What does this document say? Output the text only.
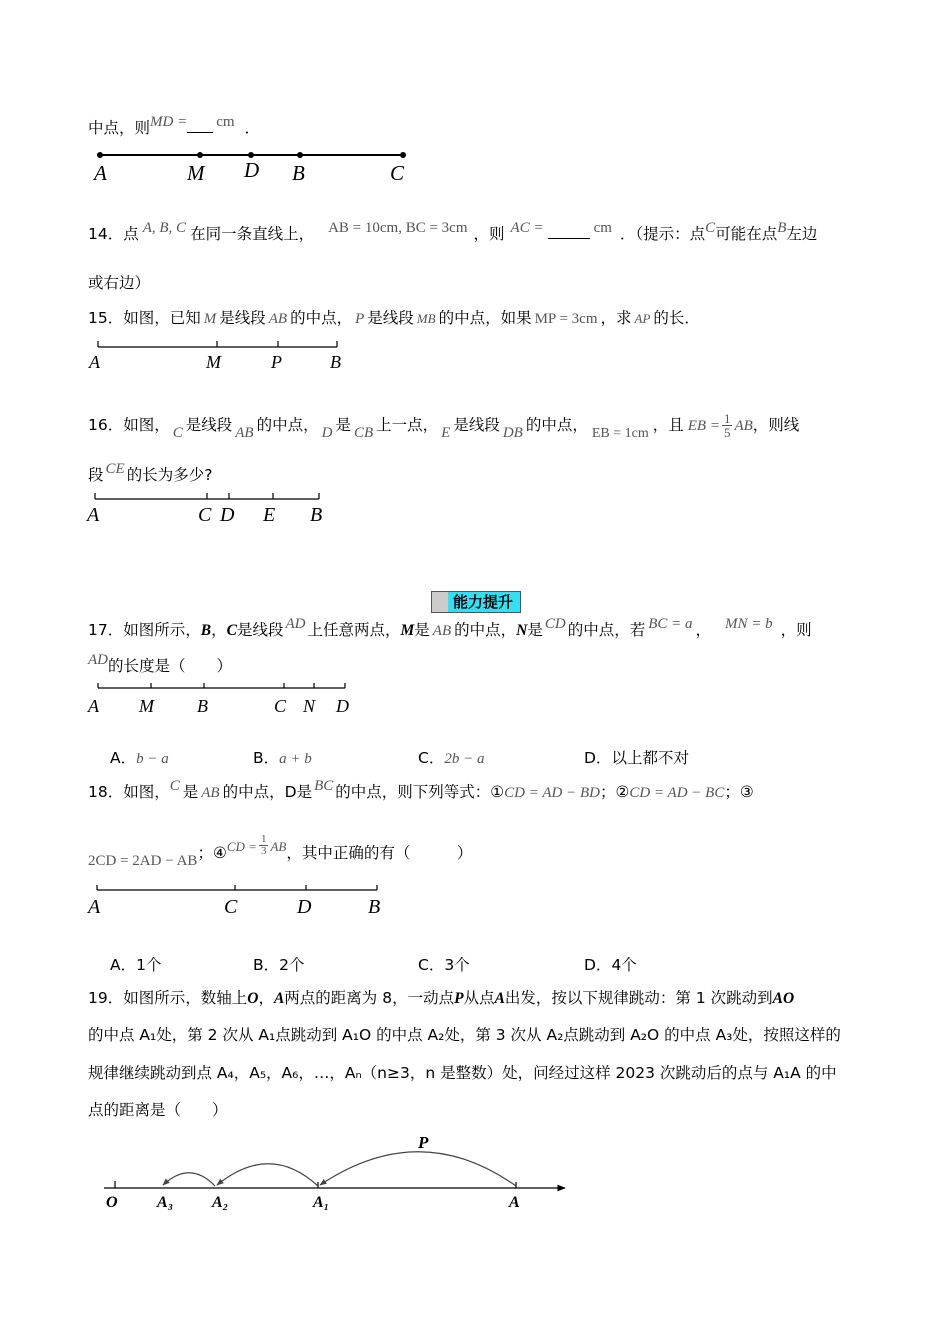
中点，则MD = cm ．
A	M D B	C
A	M	P	B
A	C D E B
A M B	C N D
A	C	D	B
P
O A₃ A₂	A₁	A
14．点 A, B, C 在同一条直线上， AB = 10cm, BC = 3cm ，则 AC =	cm ．（提示：点C可能在点B左边
或右边）
15．如图，已知 M 是线段 AB 的中点， P 是线段 MB 的中点，如果 MP = 3cm ，求 AP 的长．
16．如图， C 是线段 AB 的中点， D 是 CB 上一点， E 是线段 DB 的中点， EB = 1cm ，且 EB = $\frac{1}{5}$ AB，则线
段 CE 的长为多少?
能力提升
17．如图所示，B，C是线段 AD 上任意两点，M是 AB 的中点，N是 CD 的中点，若 BC = a ， MN = b ，则
AD的长度是（　　）
A．b − a	B．a + b	C．2b − a	D．以上都不对
18．如图，C 是 AB 的中点，D是 BC 的中点，则下列等式：①CD = AD − BD；②CD = AD − BC；③
2CD = 2AD − AB；④$^{CD =}$ $\frac{1}{3} ^{AB}$，其中正确的有（　　　）
A．1个	B．2个	C．3个	D．4个
19．如图所示，数轴上O，A两点的距离为 8，一动点P从点A出发，按以下规律跳动：第 1 次跳动到AO
的中点 A₁处，第 2 次从 A₁点跳动到 A₁O 的中点 A₂处，第 3 次从 A₂点跳动到 A₂O 的中点 A₃处，按照这样的
规律继续跳动到点 A₄，A₅，A₆，…，Aₙ（n≥3，n 是整数）处，问经过这样 2023 次跳动后的点与 A₁A 的中
点的距离是（　　）
